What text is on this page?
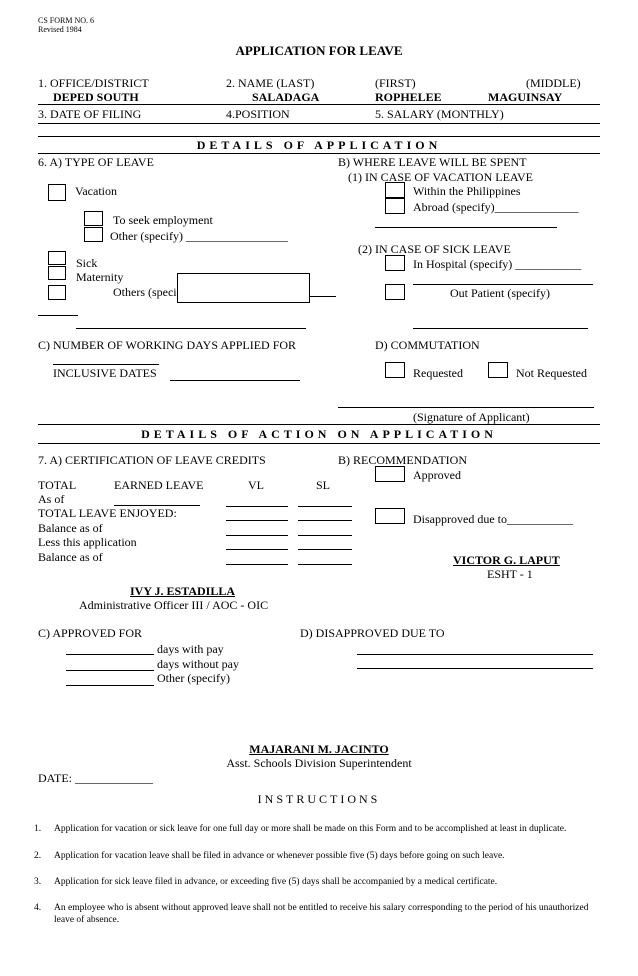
CS FORM NO. 6
Revised 1984
APPLICATION FOR LEAVE
1. OFFICE/DISTRICT
DEPED SOUTH
2. NAME (LAST)
SALADAGA
(FIRST)
ROPHELEE
(MIDDLE)
MAGUINSAY
3. DATE OF FILING	4.POSITION	5. SALARY (MONTHLY)
DETAILS OF APPLICATION
6. A) TYPE OF LEAVE
Vacation
To seek employment
Other (specify) _________________
Sick
Maternity
Others (speci
B) WHERE LEAVE WILL BE SPENT
(1) IN CASE OF VACATION LEAVE
Within the Philippines
Abroad (specify)______________
(2) IN CASE OF SICK LEAVE
In Hospital (specify) ___________
Out Patient (specify)
C) NUMBER OF WORKING DAYS APPLIED FOR
INCLUSIVE DATES
D) COMMUTATION
Requested	Not Requested
(Signature of Applicant)
DETAILS OF ACTION ON APPLICATION
7. A) CERTIFICATION OF LEAVE CREDITS
TOTAL	EARNED LEAVE	VL	SL
As of
TOTAL LEAVE ENJOYED:
Balance as of
Less this application
Balance as of
B) RECOMMENDATION
Approved
Disapproved due to___________
VICTOR G. LAPUT
ESHT - 1
IVY J. ESTADILLA
Administrative Officer III / AOC - OIC
C) APPROVED FOR
days with pay
days without pay
Other (specify)
D) DISAPPROVED DUE TO
MAJARANI M. JACINTO
Asst. Schools Division Superintendent
DATE: _____________
INSTRUCTIONS
1. Application for vacation or sick leave for one full day or more shall be made on this Form and to be accomplished at least in duplicate.
2. Application for vacation leave shall be filed in advance or whenever possible five (5) days before going on such leave.
3. Application for sick leave filed in advance, or exceeding five (5) days shall be accompanied by a medical certificate.
4. An employee who is absent without approved leave shall not be entitled to receive his salary corresponding to the period of his unauthorized leave of absence.
